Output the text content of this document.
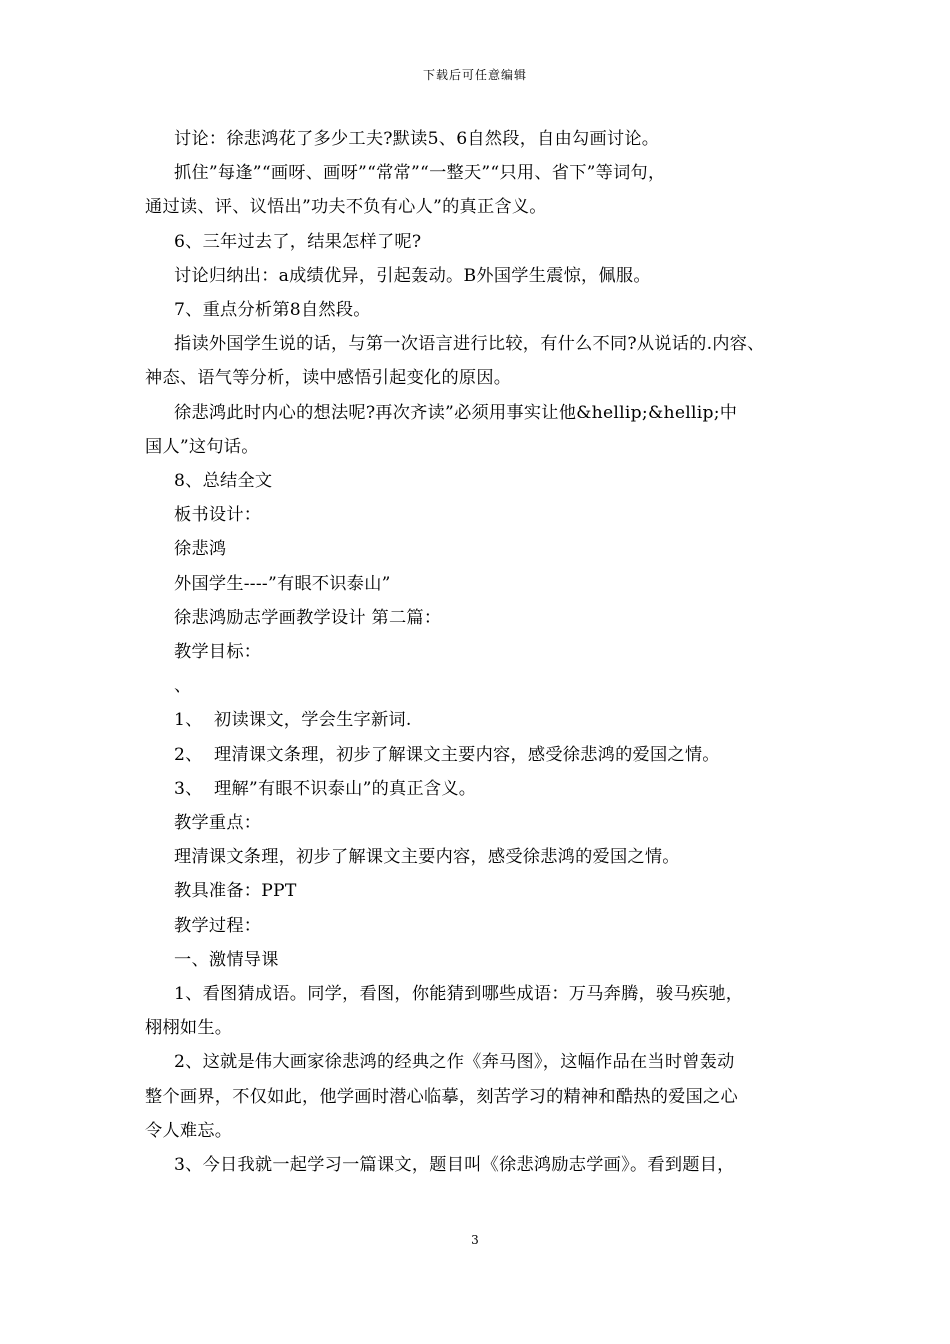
下载后可任意编辑

讨论：徐悲鸿花了多少工夫?默读5、6自然段，自由勾画讨论。

抓住”每逢”“画呀、画呀”“常常”“一整天”“只用、省下”等词句，

通过读、评、议悟出”功夫不负有心人”的真正含义。

6、三年过去了，结果怎样了呢?

讨论归纳出：a成绩优异，引起轰动。B外国学生震惊，佩服。

7、重点分析第8自然段。

指读外国学生说的话，与第一次语言进行比较，有什么不同?从说话的.内容、

神态、语气等分析，读中感悟引起变化的原因。

徐悲鸿此时内心的想法呢?再次齐读”必须用事实让他&hellip;&hellip;中

国人”这句话。

8、总结全文

板书设计：

徐悲鸿

外国学生----”有眼不识泰山”

徐悲鸿励志学画教学设计 第二篇：

教学目标：

、

1、  初读课文，学会生字新词.

2、  理清课文条理，初步了解课文主要内容，感受徐悲鸿的爱国之情。

3、  理解”有眼不识泰山”的真正含义。

教学重点：

理清课文条理，初步了解课文主要内容，感受徐悲鸿的爱国之情。

教具准备：PPT

教学过程：

一、激情导课

1、看图猜成语。同学，看图，你能猜到哪些成语：万马奔腾，骏马疾驰，

栩栩如生。

2、这就是伟大画家徐悲鸿的经典之作《奔马图》，这幅作品在当时曾轰动

整个画界，不仅如此，他学画时潜心临摹，刻苦学习的精神和酷热的爱国之心

令人难忘。

3、今日我就一起学习一篇课文，题目叫《徐悲鸿励志学画》。看到题目，

3
